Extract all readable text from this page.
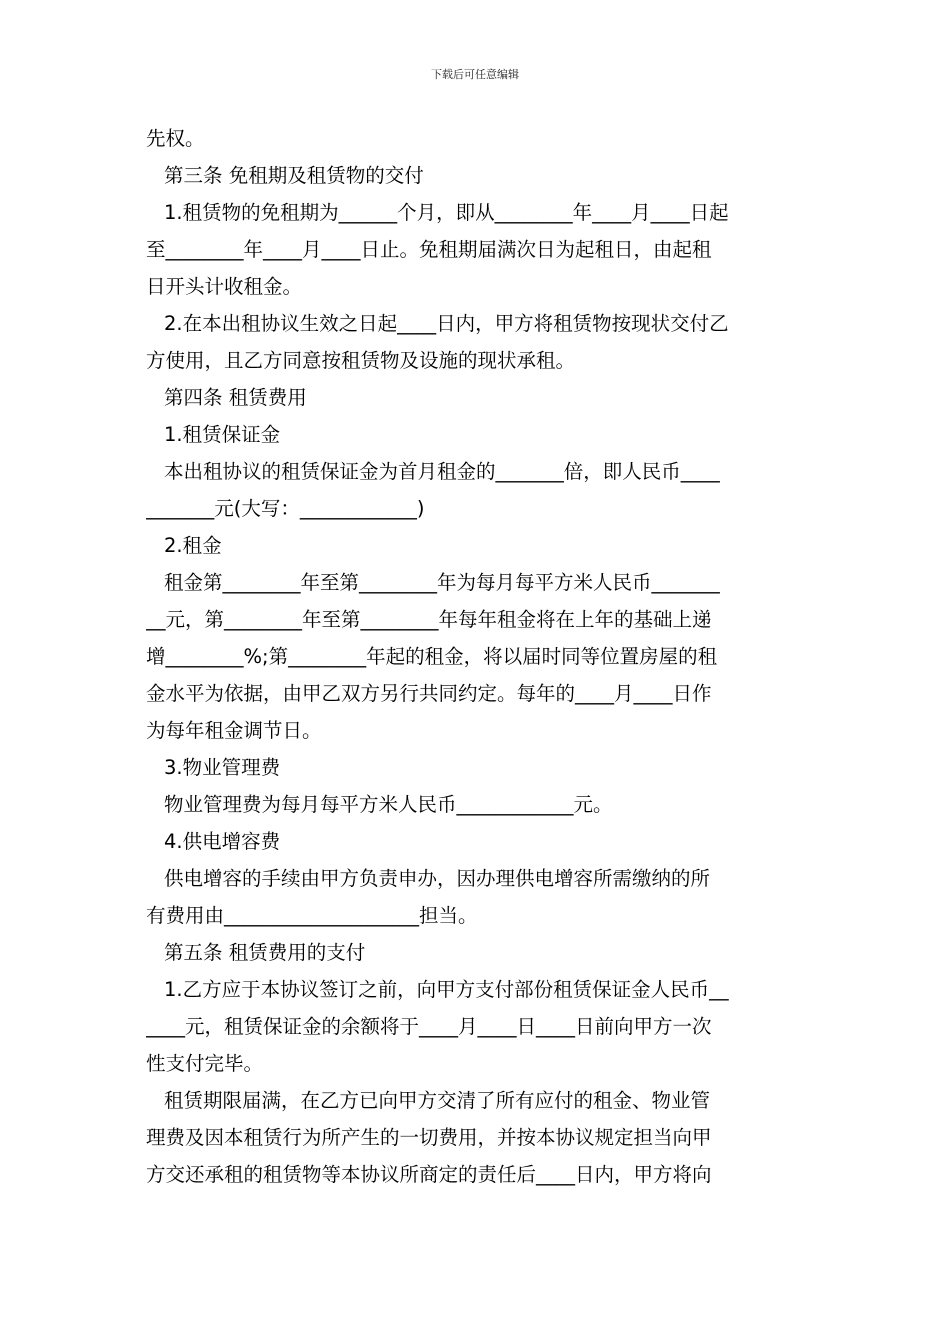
下载后可任意编辑
先权。
第三条 免租期及租赁物的交付
1.租赁物的免租期为______个月，即从________年____月____日起
至________年____月____日止。免租期届满次日为起租日，由起租
日开头计收租金。
2.在本出租协议生效之日起____日内，甲方将租赁物按现状交付乙
方使用，且乙方同意按租赁物及设施的现状承租。
第四条 租赁费用
1.租赁保证金
本出租协议的租赁保证金为首月租金的_______倍，即人民币____
_______元(大写：____________)
2.租金
租金第________年至第________年为每月每平方米人民币_______
__元，第________年至第________年每年租金将在上年的基础上递
增________%;第________年起的租金，将以届时同等位置房屋的租
金水平为依据，由甲乙双方另行共同约定。每年的____月____日作
为每年租金调节日。
3.物业管理费
物业管理费为每月每平方米人民币____________元。
4.供电增容费
供电增容的手续由甲方负责申办，因办理供电增容所需缴纳的所
有费用由____________________担当。
第五条 租赁费用的支付
1.乙方应于本协议签订之前，向甲方支付部份租赁保证金人民币__
____元，租赁保证金的余额将于____月____日____日前向甲方一次
性支付完毕。
租赁期限届满，在乙方已向甲方交清了所有应付的租金、物业管
理费及因本租赁行为所产生的一切费用，并按本协议规定担当向甲
方交还承租的租赁物等本协议所商定的责任后____日内，甲方将向
